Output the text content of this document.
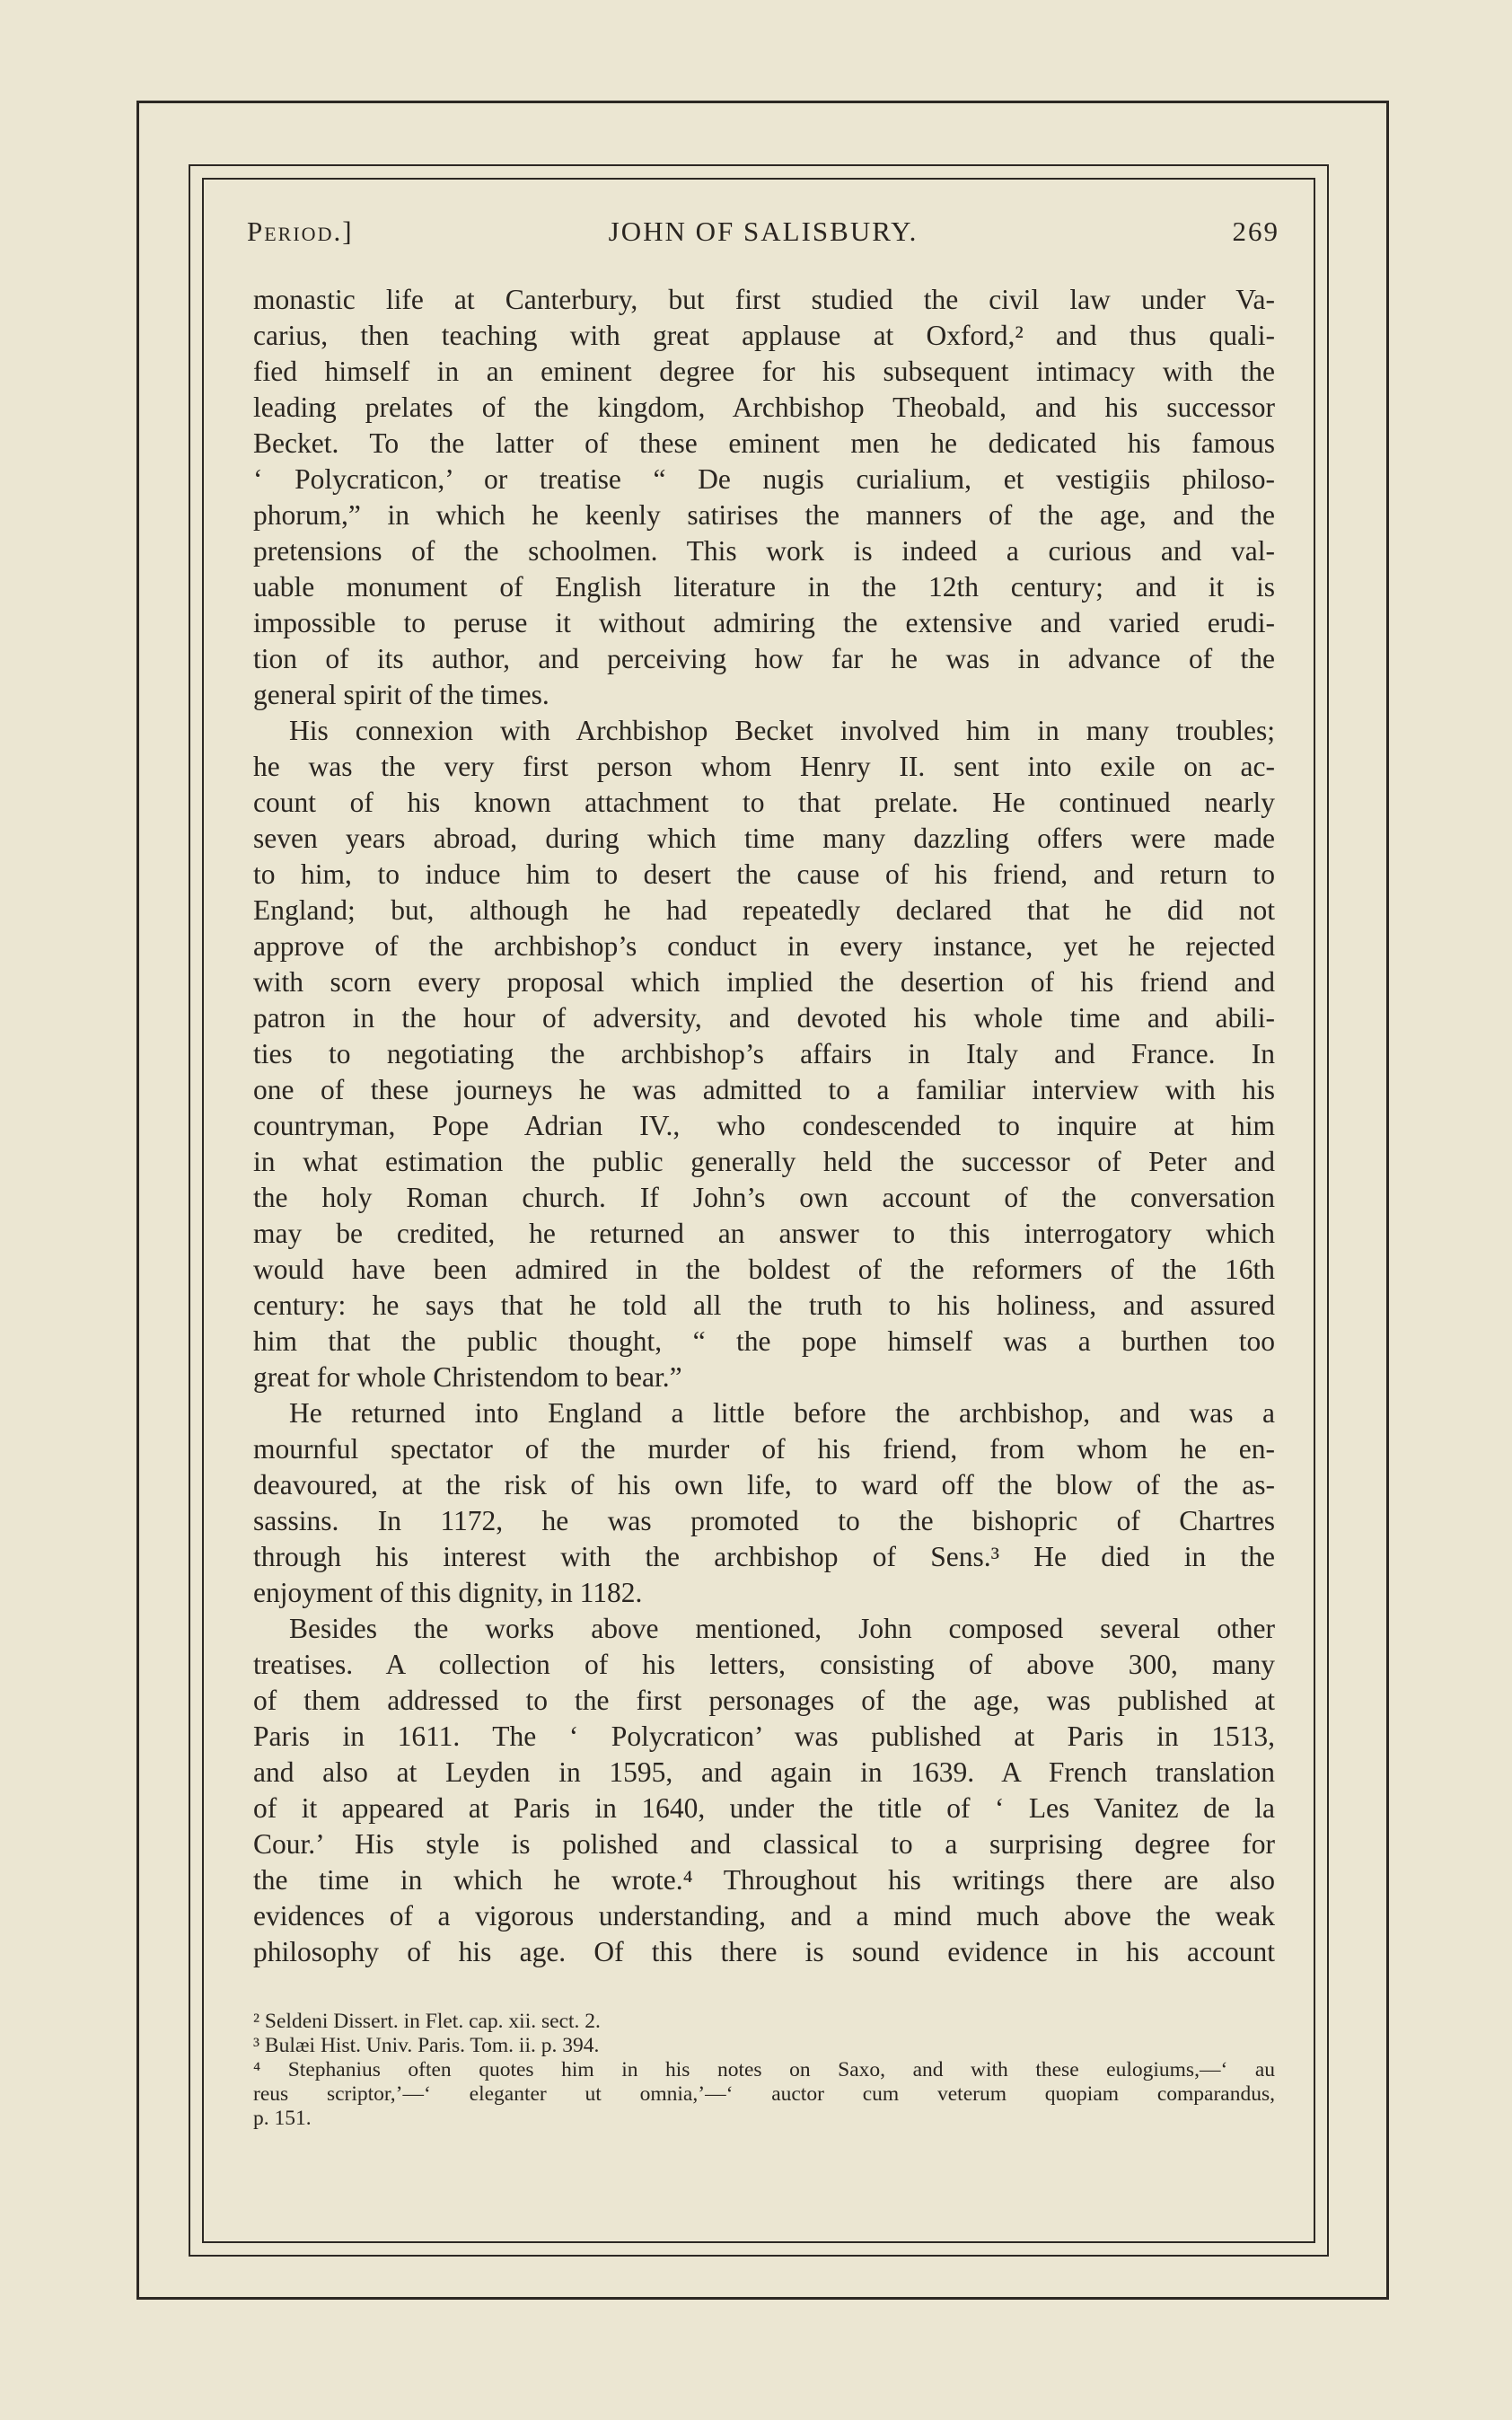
Period.]	JOHN OF SALISBURY.	269

monastic life at Canterbury, but first studied the civil law under Va-

carius, then teaching with great applause at Oxford,² and thus quali-

fied himself in an eminent degree for his subsequent intimacy with the

leading prelates of the kingdom, Archbishop Theobald, and his successor

Becket. To the latter of these eminent men he dedicated his famous

‘ Polycraticon,’ or treatise “ De nugis curialium, et vestigiis philoso-

phorum,” in which he keenly satirises the manners of the age, and the

pretensions of the schoolmen. This work is indeed a curious and val-

uable monument of English literature in the 12th century; and it is

impossible to peruse it without admiring the extensive and varied erudi-

tion of its author, and perceiving how far he was in advance of the

general spirit of the times.

His connexion with Archbishop Becket involved him in many troubles;

he was the very first person whom Henry II. sent into exile on ac-

count of his known attachment to that prelate. He continued nearly

seven years abroad, during which time many dazzling offers were made

to him, to induce him to desert the cause of his friend, and return to

England; but, although he had repeatedly declared that he did not

approve of the archbishop’s conduct in every instance, yet he rejected

with scorn every proposal which implied the desertion of his friend and

patron in the hour of adversity, and devoted his whole time and abili-

ties to negotiating the archbishop’s affairs in Italy and France. In

one of these journeys he was admitted to a familiar interview with his

countryman, Pope Adrian IV., who condescended to inquire at him

in what estimation the public generally held the successor of Peter and

the holy Roman church. If John’s own account of the conversation

may be credited, he returned an answer to this interrogatory which

would have been admired in the boldest of the reformers of the 16th

century: he says that he told all the truth to his holiness, and assured

him that the public thought, “ the pope himself was a burthen too

great for whole Christendom to bear.”

He returned into England a little before the archbishop, and was a

mournful spectator of the murder of his friend, from whom he en-

deavoured, at the risk of his own life, to ward off the blow of the as-

sassins. In 1172, he was promoted to the bishopric of Chartres

through his interest with the archbishop of Sens.³ He died in the

enjoyment of this dignity, in 1182.

Besides the works above mentioned, John composed several other

treatises. A collection of his letters, consisting of above 300, many

of them addressed to the first personages of the age, was published at

Paris in 1611. The ‘ Polycraticon’ was published at Paris in 1513,

and also at Leyden in 1595, and again in 1639. A French translation

of it appeared at Paris in 1640, under the title of ‘ Les Vanitez de la

Cour.’ His style is polished and classical to a surprising degree for

the time in which he wrote.⁴ Throughout his writings there are also

evidences of a vigorous understanding, and a mind much above the weak

philosophy of his age. Of this there is sound evidence in his account

² Seldeni Dissert. in Flet. cap. xii. sect. 2.

³ Bulæi Hist. Univ. Paris. Tom. ii. p. 394.

⁴ Stephanius often quotes him in his notes on Saxo, and with these eulogiums,—‘ au

reus scriptor,’—‘ eleganter ut omnia,’—‘ auctor cum veterum quopiam comparandus,

p. 151.
